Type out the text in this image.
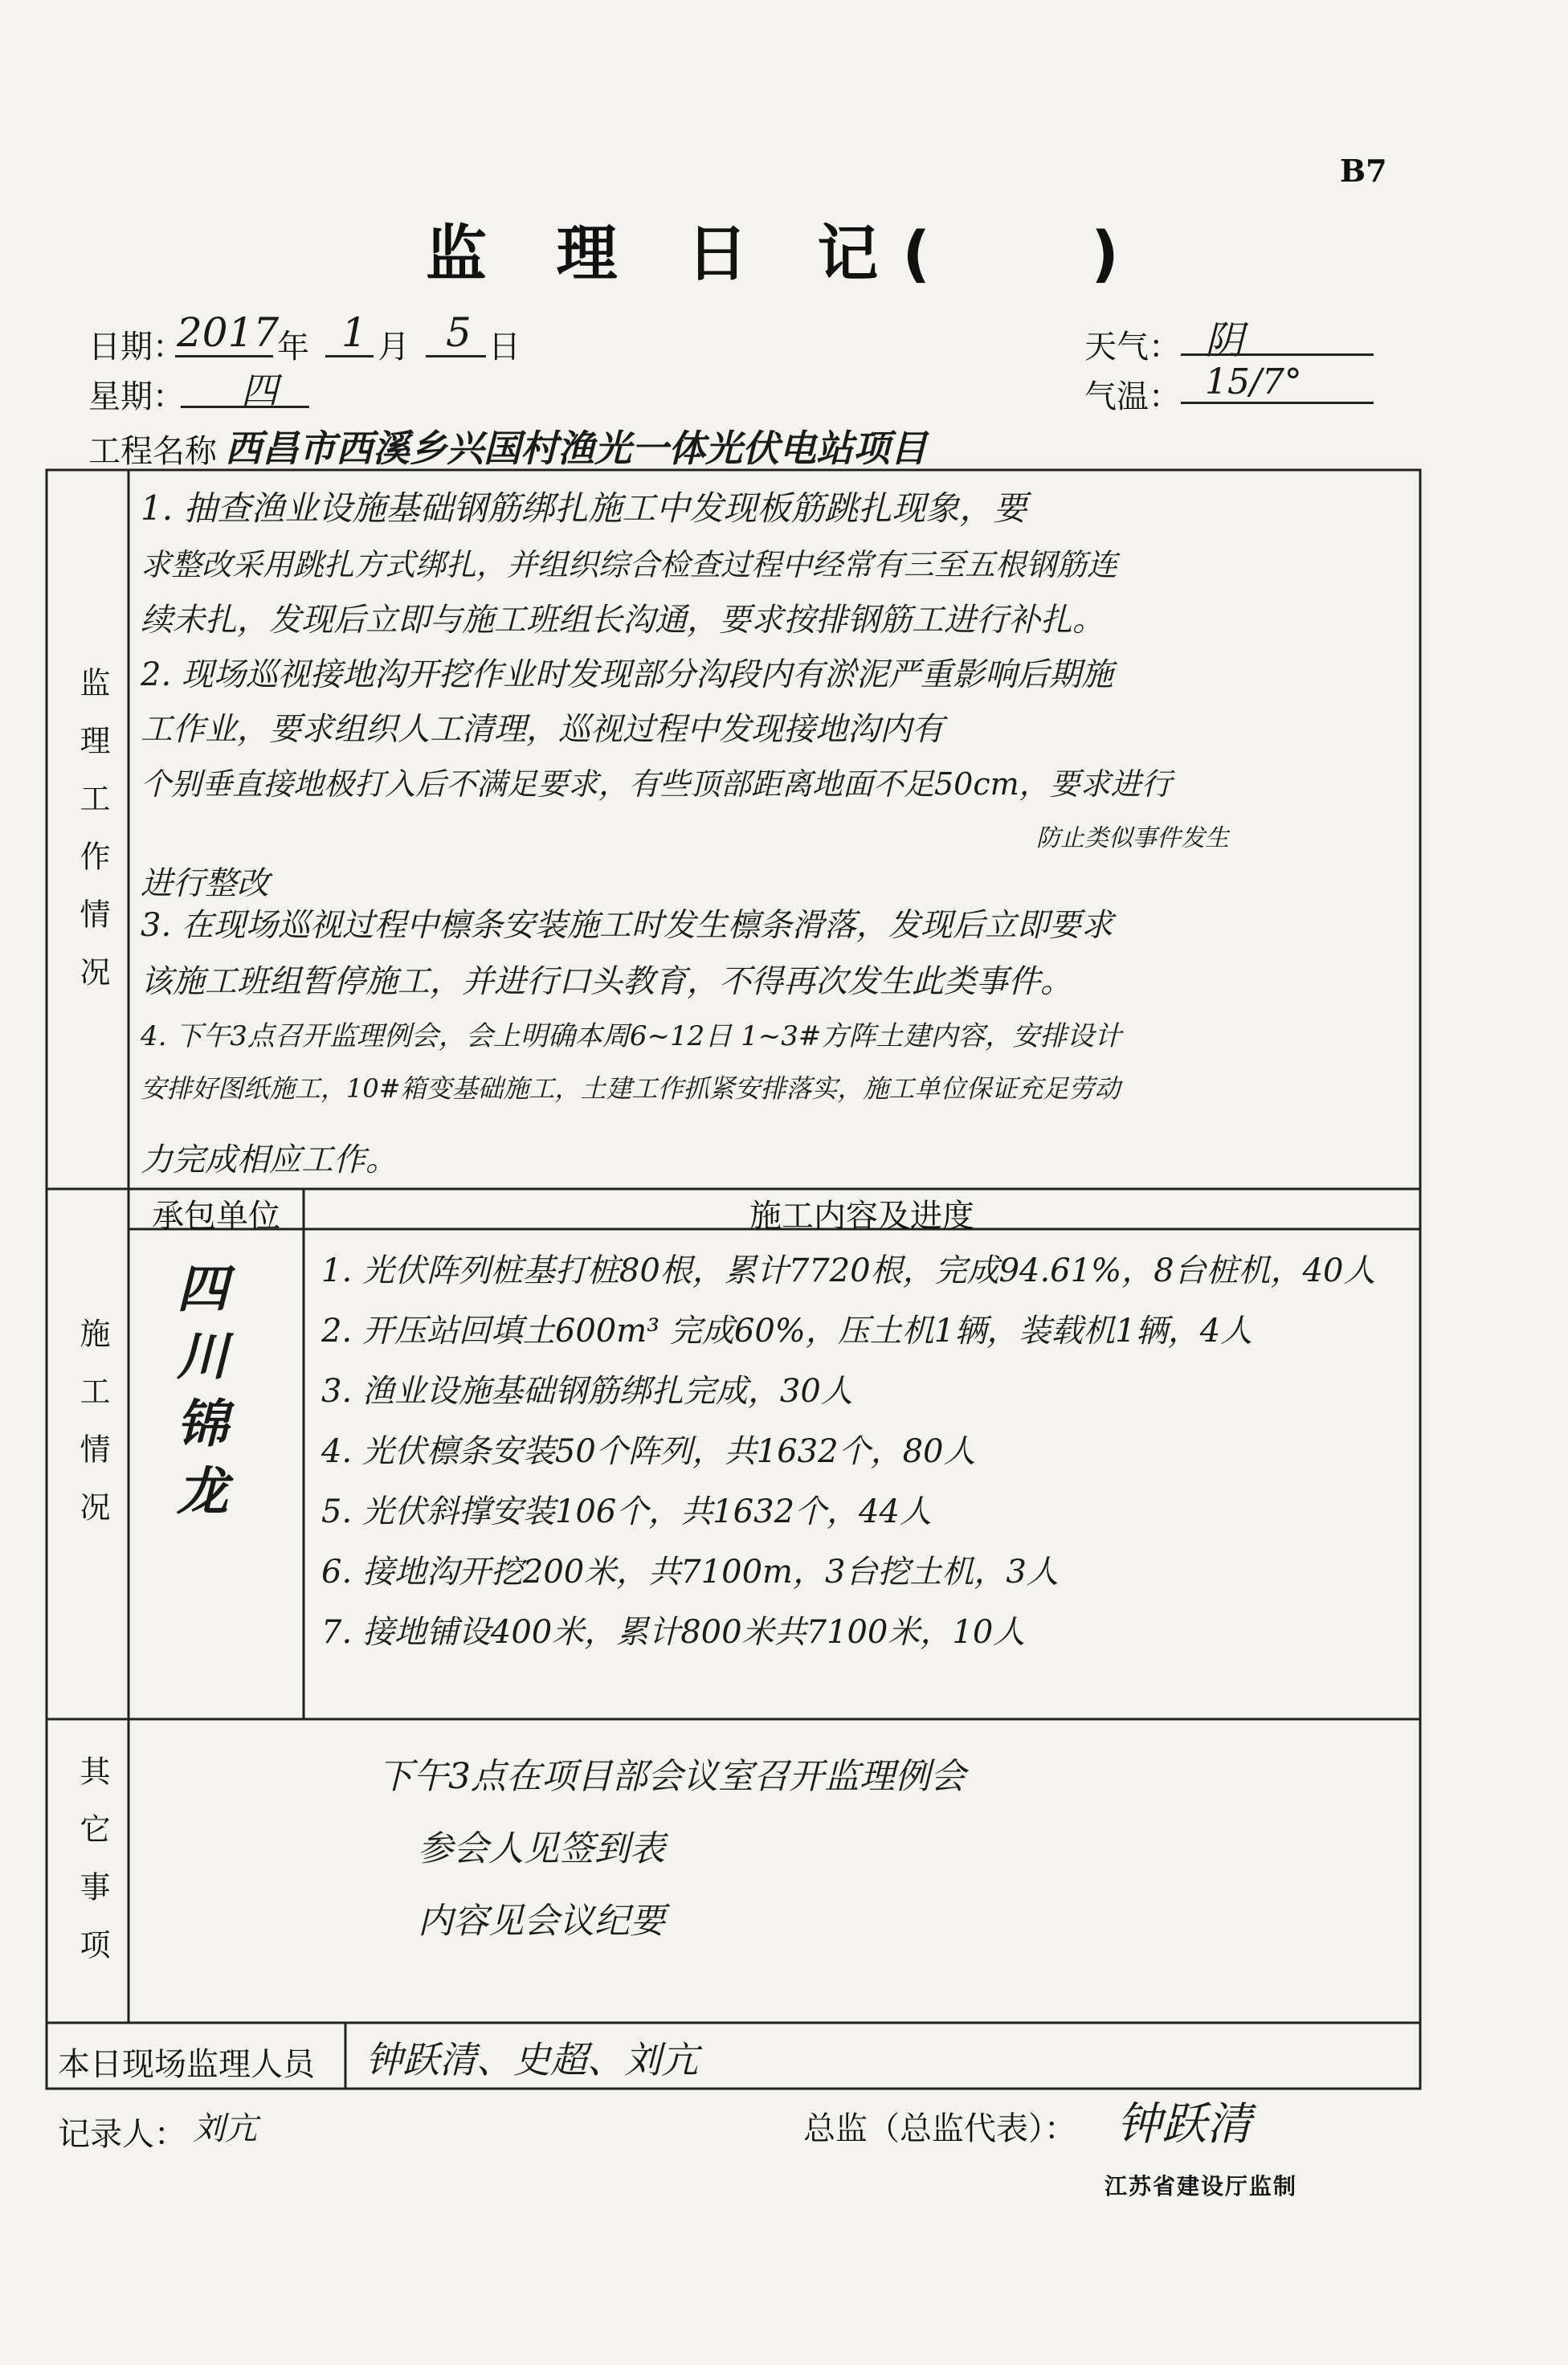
B7
监 理 日 记( )
日期：
2017
年 1 月 5 日
星期： 四
天气： 阴
气温： 15/7°
工程名称 西昌市西溪乡兴国村渔光一体光伏电站项目
监理工作情况
1. 抽查渔业设施基础钢筋绑扎施工中发现板筋跳扎现象，要
求整改采用跳扎方式绑扎，并组织综合检查过程中经常有三至五根钢筋连
续未扎，发现后立即与施工班组长沟通，要求按排钢筋工进行补扎。
2. 现场巡视接地沟开挖作业时发现部分沟段内有淤泥严重影响后期施
工作业，要求组织人工清理，巡视过程中发现接地沟内有
个别垂直接地极打入后不满足要求，有些顶部距离地面不足50cm，要求进行
进行整改
防止类似事件发生
3. 在现场巡视过程中檩条安装施工时发生檩条滑落，发现后立即要求
该施工班组暂停施工，并进行口头教育，不得再次发生此类事件。
4. 下午3点召开监理例会，会上明确本周6~12日 1~3#方阵土建内容，安排设计
安排好图纸施工，10#箱变基础施工，土建工作抓紧安排落实，施工单位保证充足劳动
力完成相应工作。
承包单位	施工内容及进度
施工情况 四川锦龙	1. 光伏阵列桩基打桩80根，累计7720根，完成94.61%，8台桩机，40人
2. 开压站回填土600m³ 完成60%，压土机1辆，装载机1辆，4人
3. 渔业设施基础钢筋绑扎完成，30人
4. 光伏檩条安装50个阵列，共1632个，80人
5. 光伏斜撑安装106个，共1632个，44人
6. 接地沟开挖200米，共7100m，3台挖土机，3人
7. 接地铺设400米，累计800米共7100米，10人
其它事项	下午3点在项目部会议室召开监理例会
参会人见签到表
内容见会议纪要
本日现场监理人员 钟跃清、史超、刘亢
记录人： 刘亢	总监（总监代表）： 钟跃清
江苏省建设厅监制
